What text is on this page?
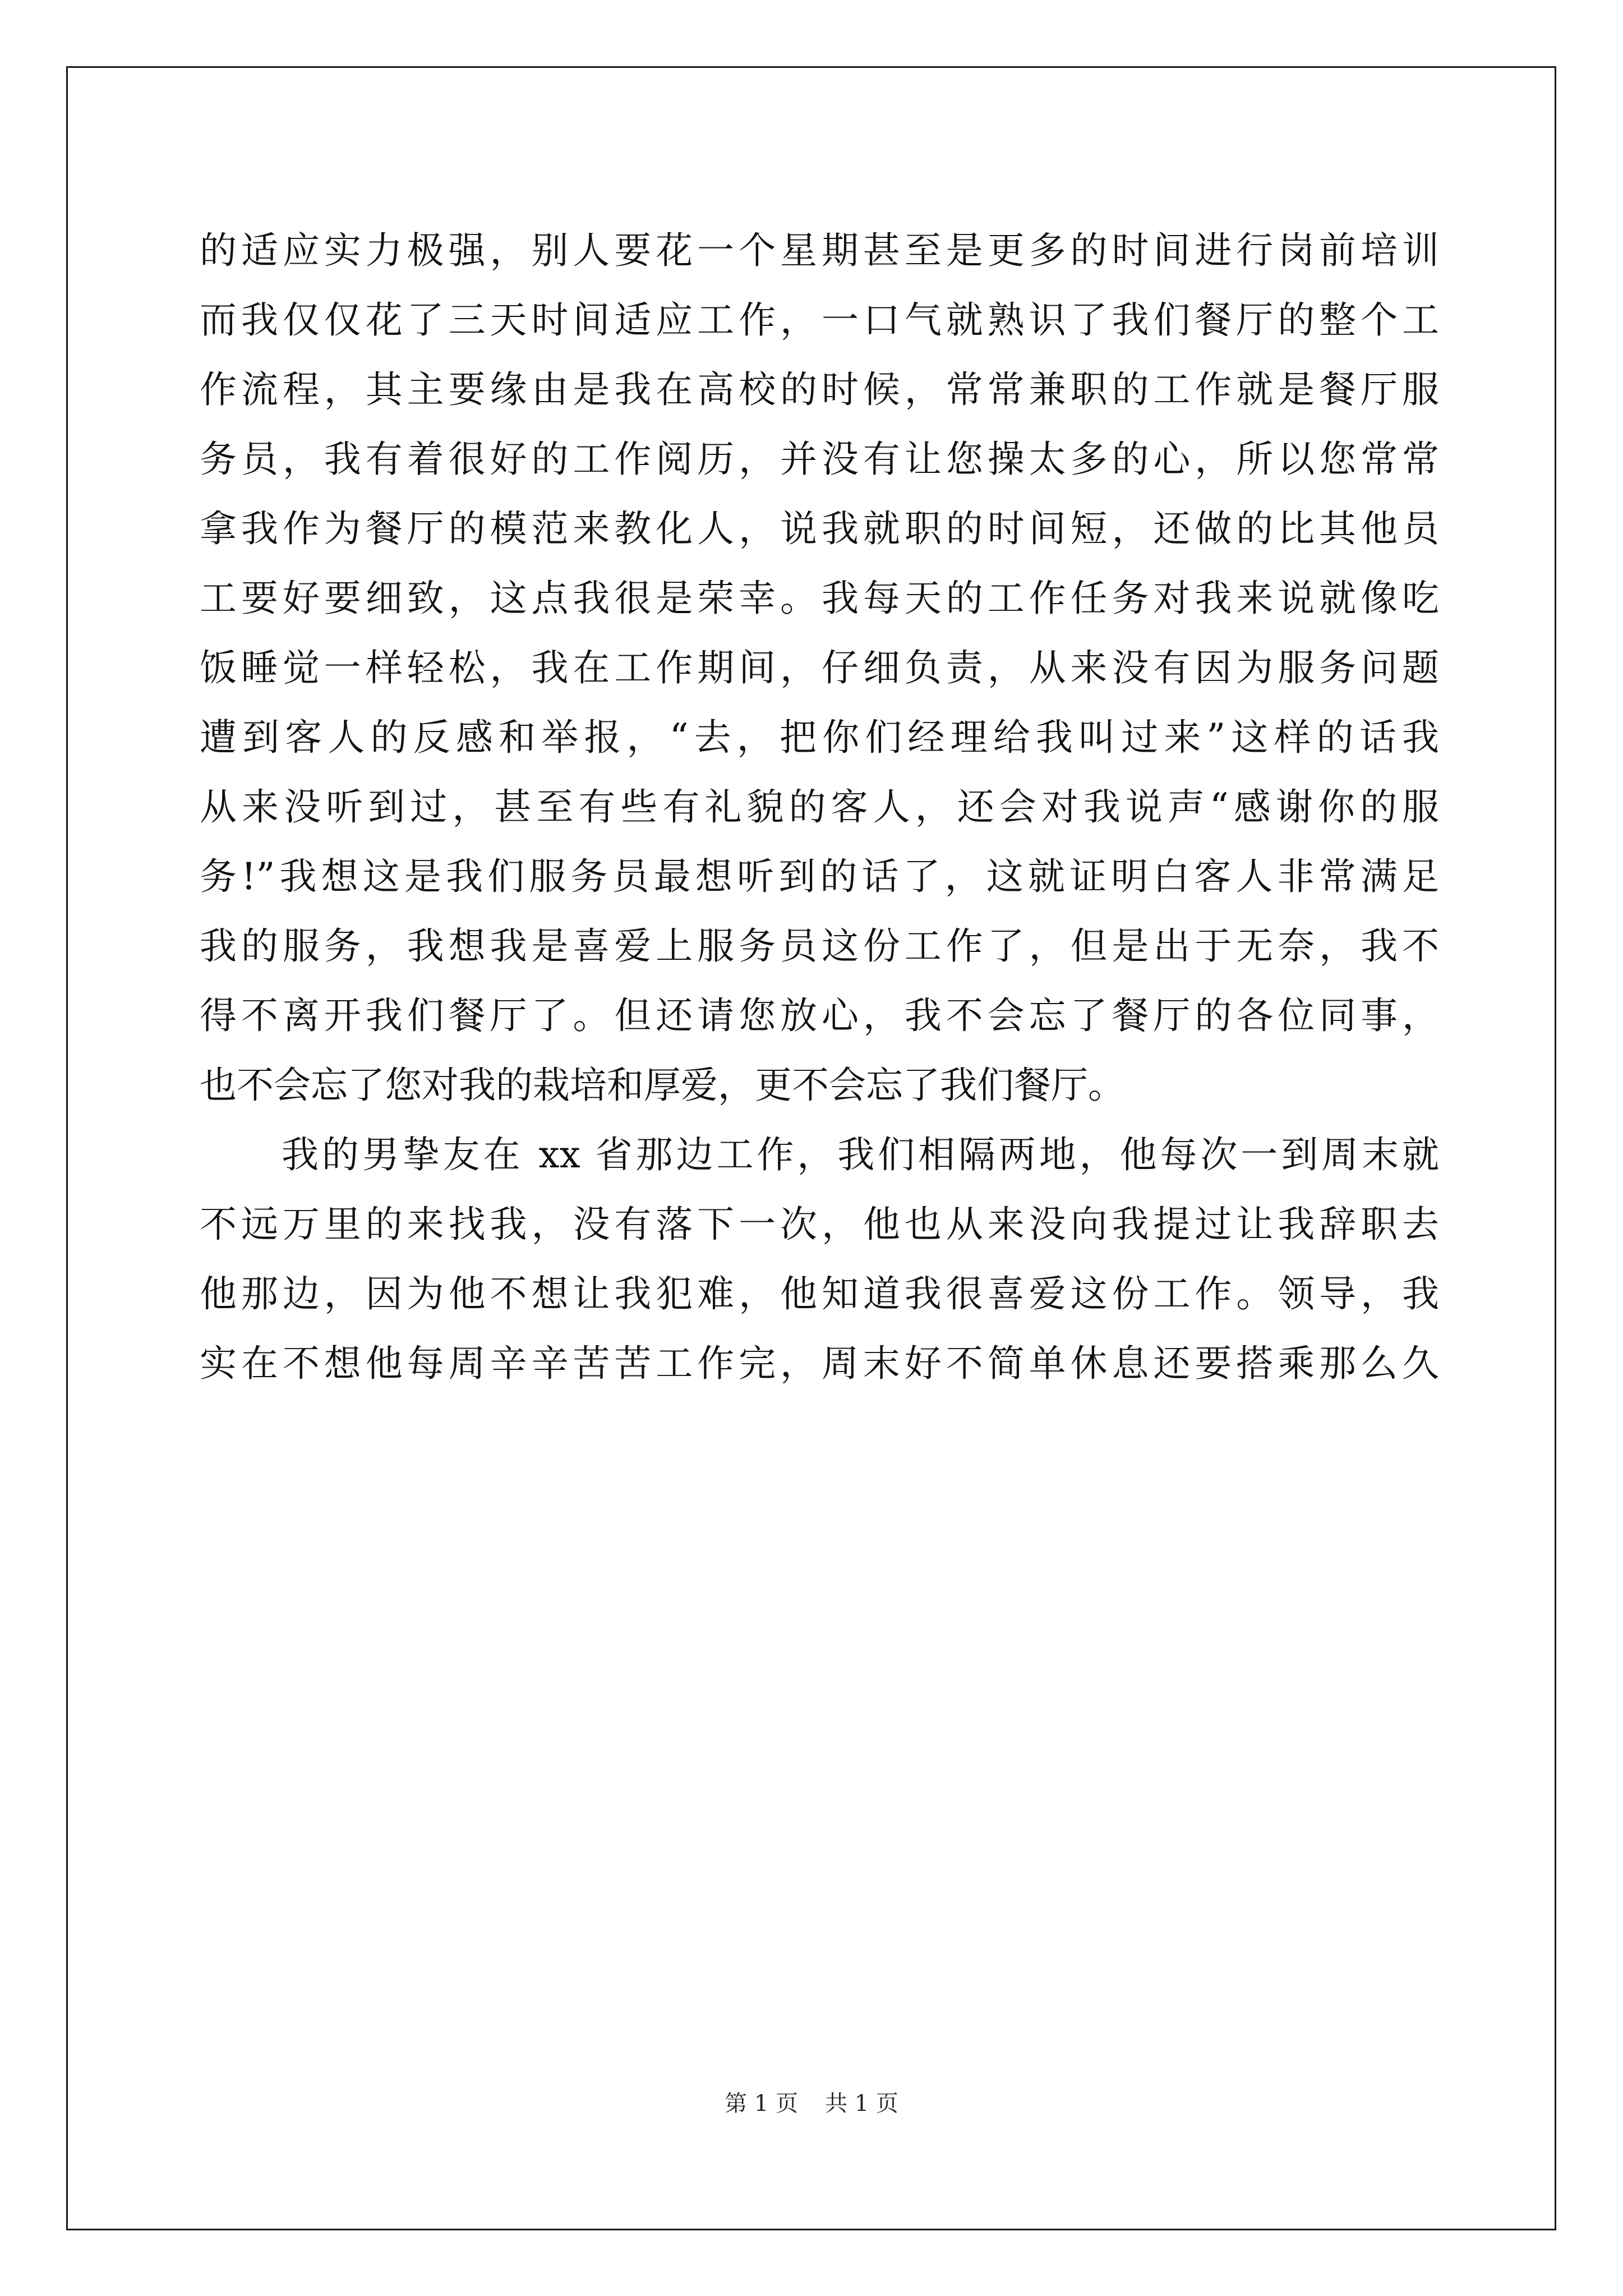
的适应实力极强，别人要花一个星期甚至是更多的时间进行岗前培训
而我仅仅花了三天时间适应工作，一口气就熟识了我们餐厅的整个工
作流程，其主要缘由是我在高校的时候，常常兼职的工作就是餐厅服
务员，我有着很好的工作阅历，并没有让您操太多的心，所以您常常
拿我作为餐厅的模范来教化人，说我就职的时间短，还做的比其他员
工要好要细致，这点我很是荣幸。我每天的工作任务对我来说就像吃
饭睡觉一样轻松，我在工作期间，仔细负责，从来没有因为服务问题
遭到客人的反感和举报，“去，把你们经理给我叫过来”这样的话我
从来没听到过，甚至有些有礼貌的客人，还会对我说声“感谢你的服
务!”我想这是我们服务员最想听到的话了，这就证明白客人非常满足
我的服务，我想我是喜爱上服务员这份工作了，但是出于无奈，我不
得不离开我们餐厅了。但还请您放心，我不会忘了餐厅的各位同事，
也不会忘了您对我的栽培和厚爱，更不会忘了我们餐厅。
我的男挚友在 xx 省那边工作，我们相隔两地，他每次一到周末就
不远万里的来找我，没有落下一次，他也从来没向我提过让我辞职去
他那边，因为他不想让我犯难，他知道我很喜爱这份工作。领导，我
实在不想他每周辛辛苦苦工作完，周末好不简单休息还要搭乘那么久
第 1 页 共 1 页
